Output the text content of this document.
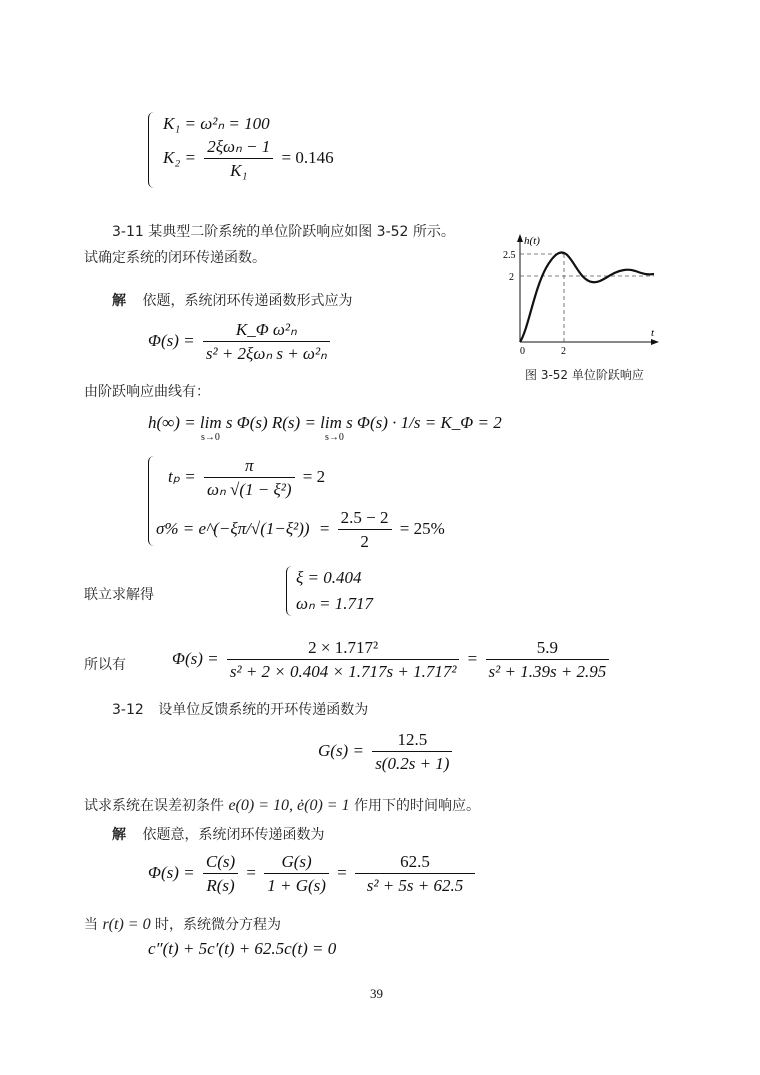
K₁ = ω²ₙ = 100
$K_2 = \frac{\text{2ξωₙ − 1}}{\text{K₁}} = 0.146$
3-11 某典型二阶系统的单位阶跃响应如图 3-52 所示。
试确定系统的闭环传递函数。
解 依题，系统闭环传递函数形式应为
$\Phi(s) = \frac{\text{K\_Φ ω²ₙ}}{\text{s² + 2ξωₙ s + ω²ₙ}}$
由阶跃响应曲线有：
h(∞) = lim s Φ(s) R(s) = lim s Φ(s) · 1/s = K_Φ = 2
s→0	s→0
$t_p = \frac{\pi}{\text{ωₙ √(1 − ξ²)}} = 2$
σ% = e^(−ξπ/√(1−ξ²)) = $\frac{2.5 - 2}{2} = 25\%$
联立求解得
ξ = 0.404
ωₙ = 1.717
所以有	$\Phi(s) = \frac{\text{2 × 1.717²}}{\text{s² + 2 × 0.404 × 1.717s + 1.717²}} = \frac{5.9}{\text{s² + 1.39s + 2.95}}$
h(t)
t
2.5
2
0	2
图 3-52 单位阶跃响应
3-12 设单位反馈系统的开环传递函数为
$G(s) = \frac{12.5}{s(0.2s + 1)}$
试求系统在误差初条件 e(0) = 10, ė(0) = 1 作用下的时间响应。
解 依题意，系统闭环传递函数为
$\Phi(s) = \frac{C(s)}{R(s)} = \frac{G(s)}{1 + G(s)} = \frac{62.5}{\text{s² + 5s + 62.5}}$
当 r(t) = 0 时，系统微分方程为
c″(t) + 5c′(t) + 62.5c(t) = 0
39
